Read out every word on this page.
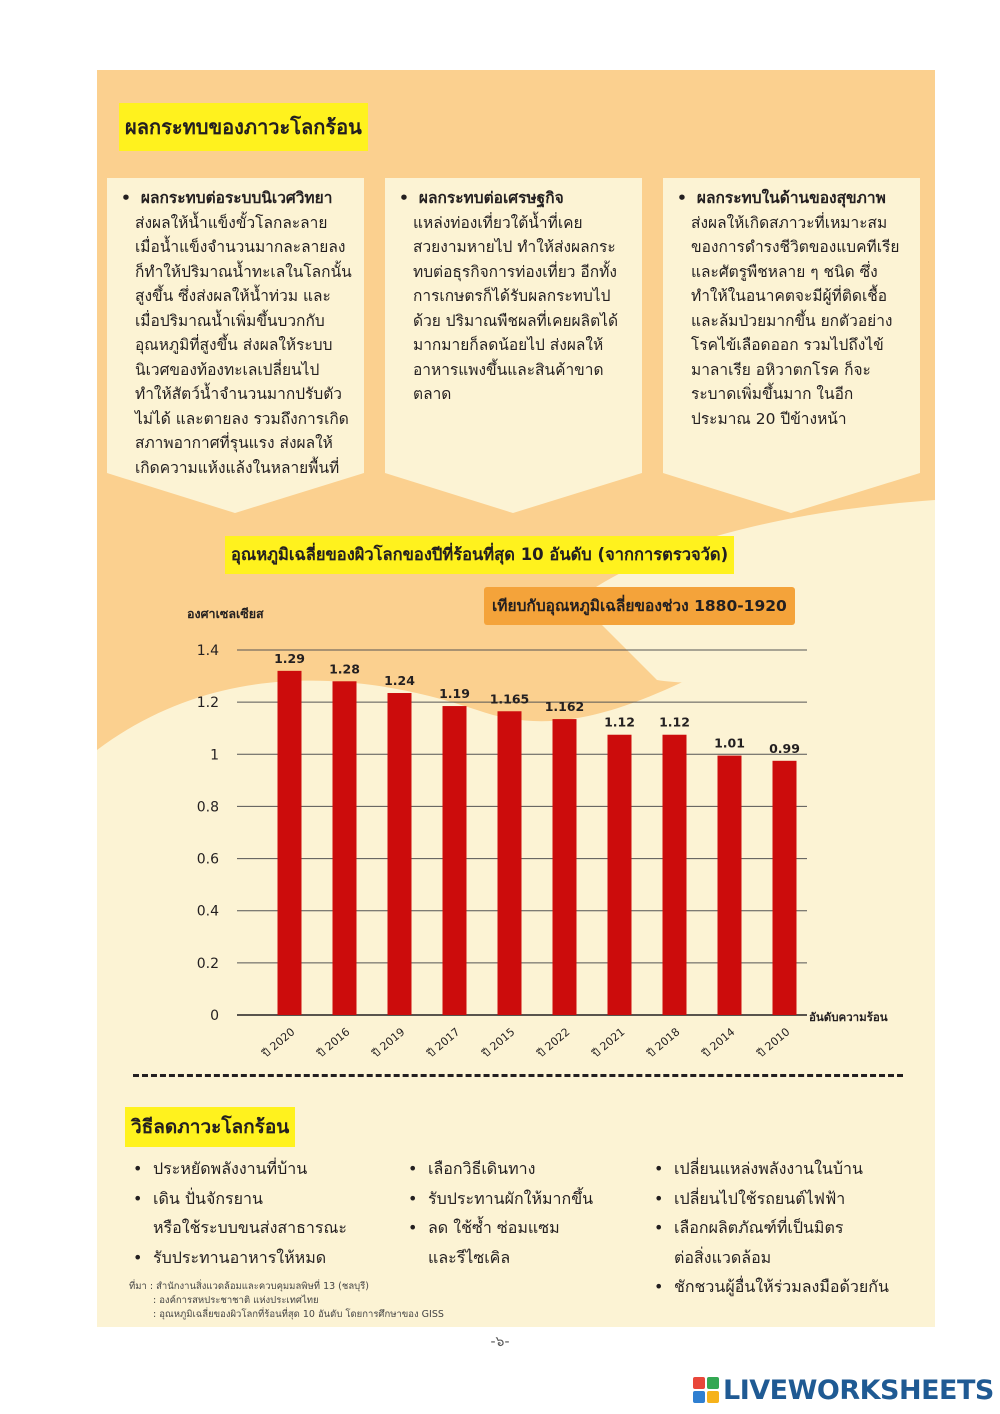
ผลกระทบของภาวะโลกร้อน
• ผลกระทบต่อระบบนิเวศวิทยา
ส่งผลให้น้ำแข็งขั้วโลกละลาย เมื่อน้ำแข็งจำนวนมากละลายลง ก็ทำให้ปริมาณน้ำทะเลในโลกนั้นสูงขึ้น ซึ่งส่งผลให้น้ำท่วม และเมื่อปริมาณน้ำเพิ่มขึ้นบวกกับอุณหภูมิที่สูงขึ้น ส่งผลให้ระบบนิเวศของท้องทะเลเปลี่ยนไป ทำให้สัตว์น้ำจำนวนมากปรับตัวไม่ได้ และตายลง รวมถึงการเกิดสภาพอากาศที่รุนแรง ส่งผลให้เกิดความแห้งแล้งในหลายพื้นที่
• ผลกระทบต่อเศรษฐกิจ
แหล่งท่องเที่ยวใต้น้ำที่เคยสวยงามหายไป ทำให้ส่งผลกระทบต่อธุรกิจการท่องเที่ยว อีกทั้งการเกษตรก็ได้รับผลกระทบไปด้วย ปริมาณพืชผลที่เคยผลิตได้มากมายก็ลดน้อยไป ส่งผลให้อาหารแพงขึ้นและสินค้าขาดตลาด
• ผลกระทบในด้านของสุขภาพ
ส่งผลให้เกิดสภาวะที่เหมาะสมของการดำรงชีวิตของแบคทีเรียและศัตรูพืชหลาย ๆ ชนิด ซึ่งทำให้ในอนาคตจะมีผู้ที่ติดเชื้อและล้มป่วยมากขึ้น ยกตัวอย่าง โรคไข้เลือดออก รวมไปถึงไข้มาลาเรีย อหิวาตกโรค ก็จะระบาดเพิ่มขึ้นมาก ในอีกประมาณ 20 ปีข้างหน้า
อุณหภูมิเฉลี่ยของผิวโลกของปีที่ร้อนที่สุด 10 อันดับ (จากการตรวจวัด)
เทียบกับอุณหภูมิเฉลี่ยของช่วง 1880-1920
องศาเซลเซียส
0
0.2
0.4
0.6
0.8
1
1.2
1.4	1.29
ปี 2020
1.28
ปี 2016
1.24
ปี 2019
1.19
ปี 2017
1.165
ปี 2015
1.162
ปี 2022
1.12
ปี 2021
1.12
ปี 2018
1.01
ปี 2014
0.99
ปี 2010
อันดับความร้อน
วิธีลดภาวะโลกร้อน
• ประหยัดพลังงานที่บ้าน
• เดิน ปั่นจักรยาน
หรือใช้ระบบขนส่งสาธารณะ
• รับประทานอาหารให้หมด
• เลือกวิธีเดินทาง
• รับประทานผักให้มากขึ้น
• ลด ใช้ซ้ำ ซ่อมแซม
และรีไซเคิล
• เปลี่ยนแหล่งพลังงานในบ้าน
• เปลี่ยนไปใช้รถยนต์ไฟฟ้า
• เลือกผลิตภัณฑ์ที่เป็นมิตร
ต่อสิ่งแวดล้อม
• ชักชวนผู้อื่นให้ร่วมลงมือด้วยกัน
ที่มา : สำนักงานสิ่งแวดล้อมและควบคุมมลพิษที่ 13 (ชลบุรี)
: องค์การสหประชาชาติ แห่งประเทศไทย
: อุณหภูมิเฉลี่ยของผิวโลกที่ร้อนที่สุด 10 อันดับ โดยการศึกษาของ GISS
-๖-
LIVEWORKSHEETS
